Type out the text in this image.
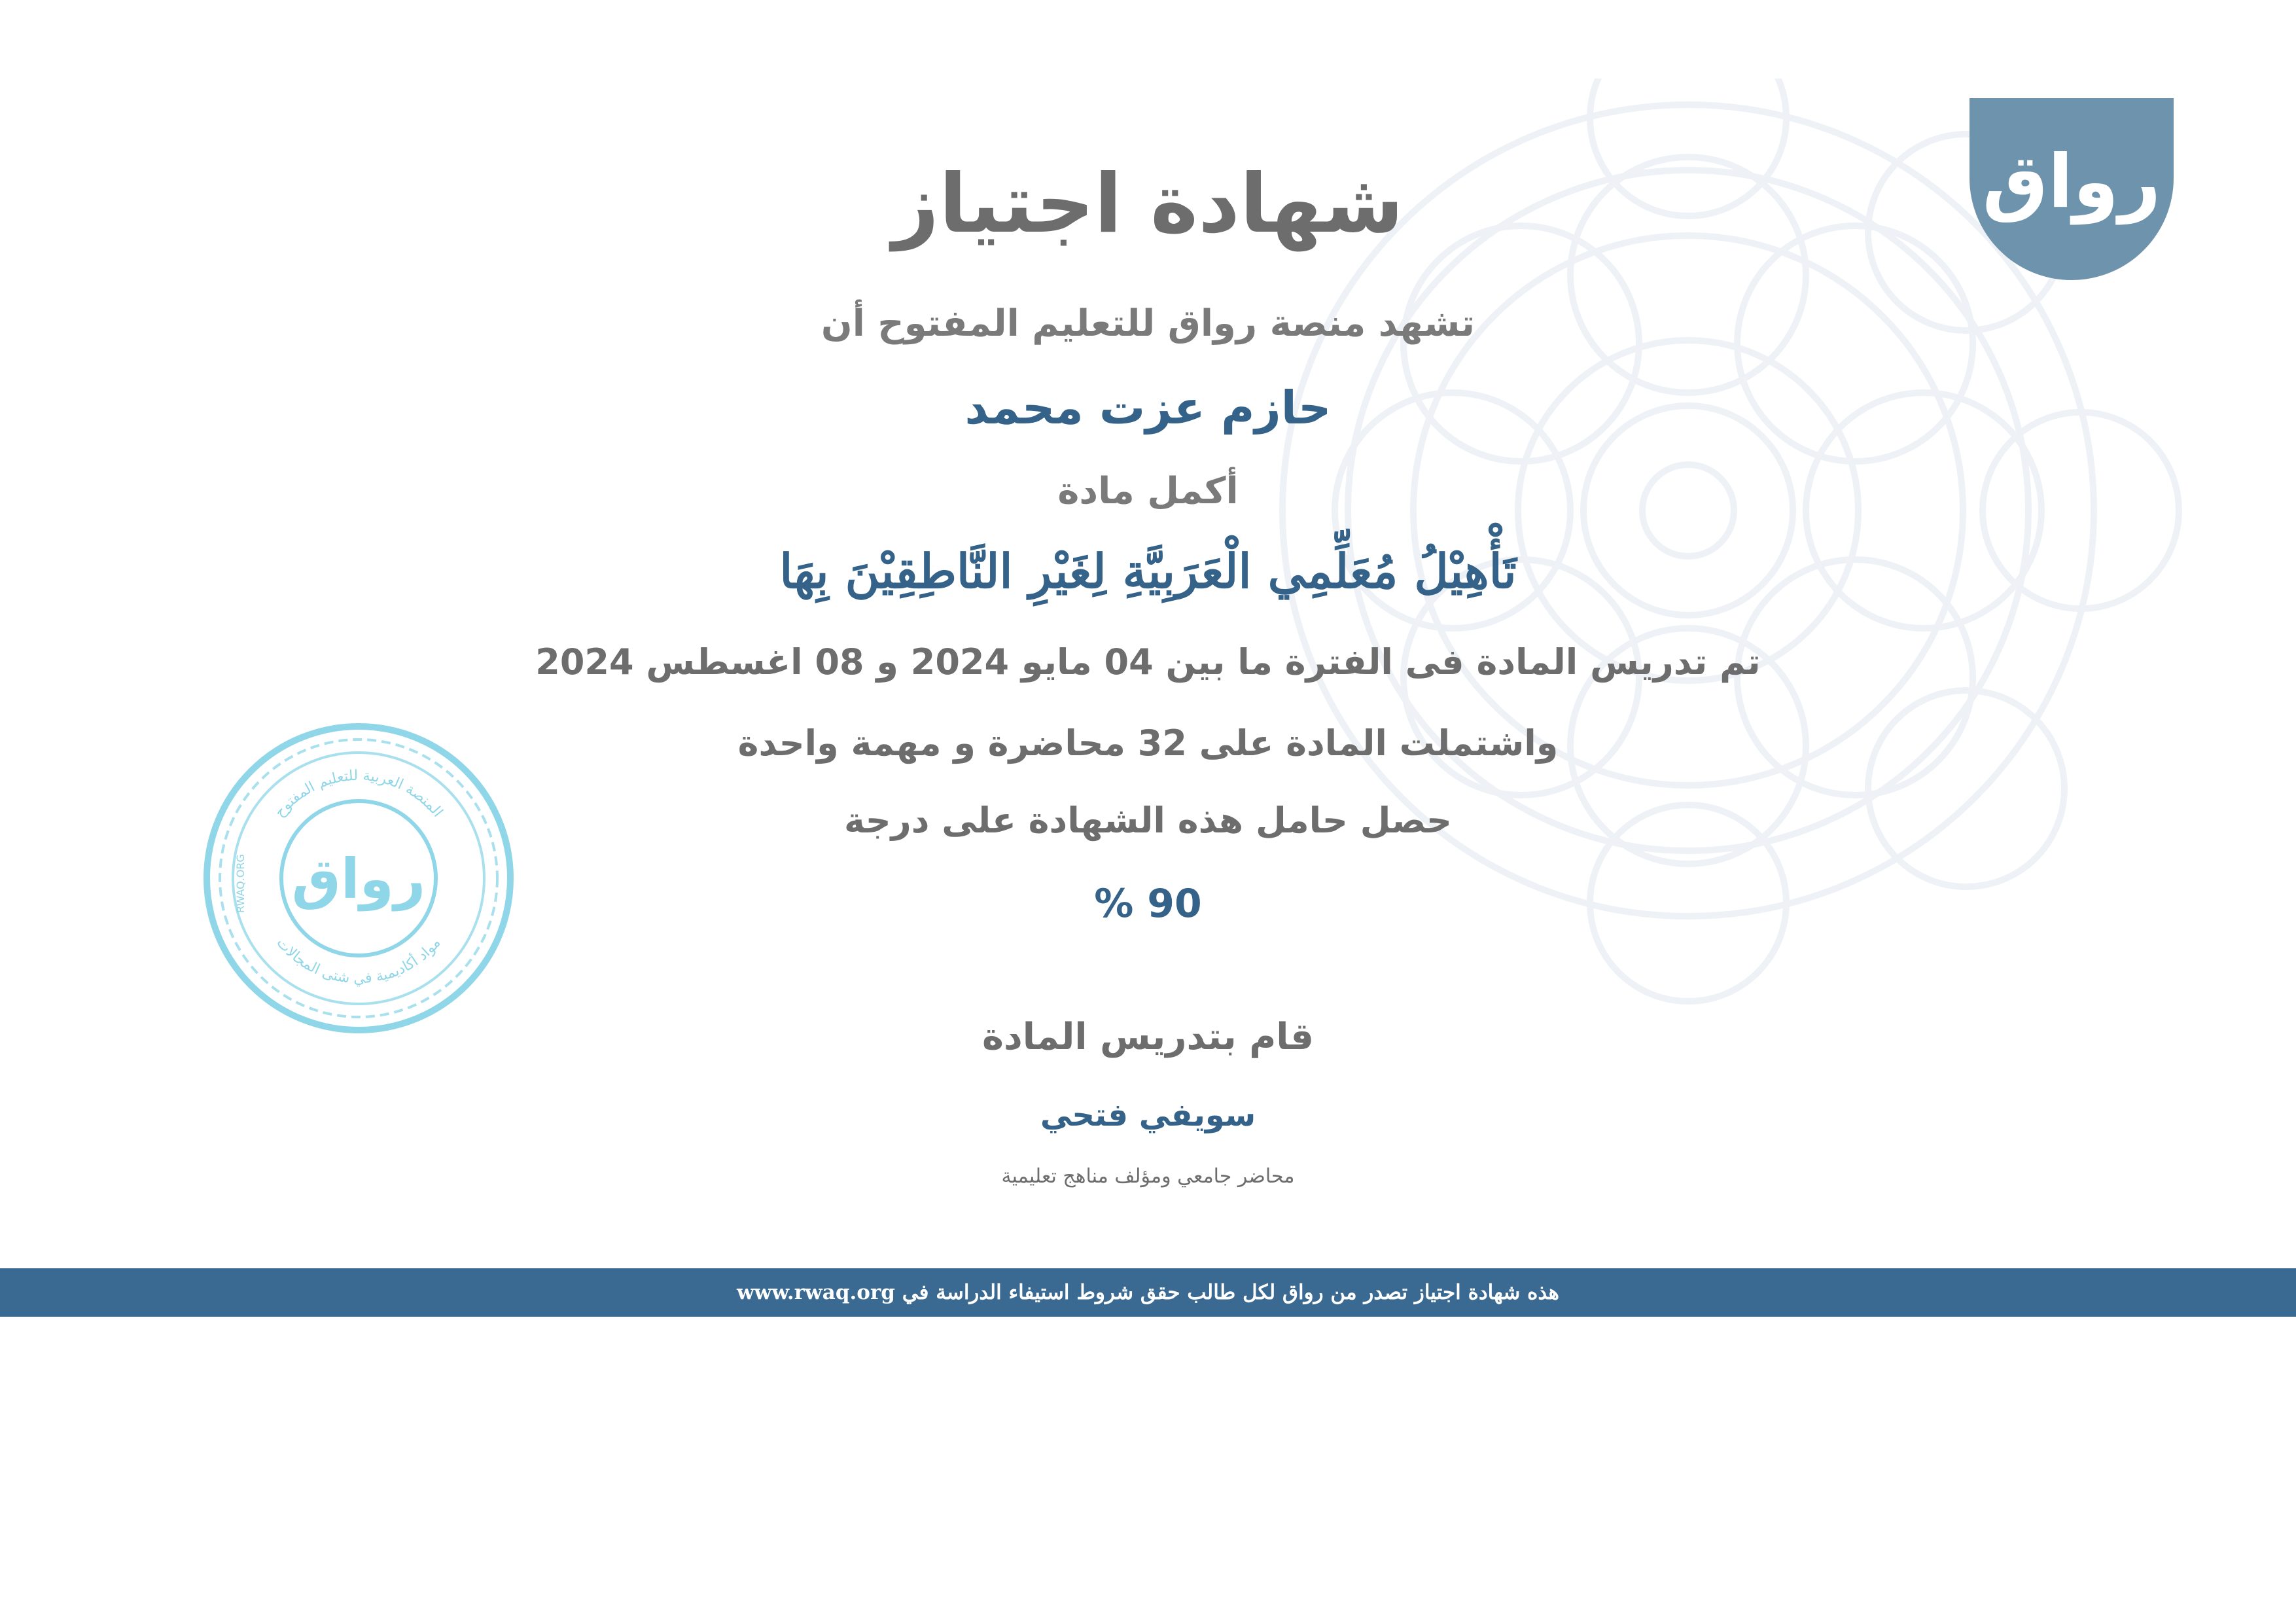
رواق
المنصة العربية للتعليم المفتوح
مواد أكاديمية في شتى المجالات
RWAQ.ORG رواق
شهادة اجتياز
تشهد منصة رواق للتعليم المفتوح أن
حازم عزت محمد
أكمل مادة
تَأْهِيْلُ مُعَلِّمِي الْعَرَبِيَّةِ لِغَيْرِ النَّاطِقِيْنَ بِهَا
تم تدريس المادة فى الفترة ما بين 04 مايو 2024 و 08 اغسطس 2024
واشتملت المادة على 32 محاضرة و مهمة واحدة
حصل حامل هذه الشهادة على درجة
90 %
قام بتدريس المادة
سويفي فتحي
محاضر جامعي ومؤلف مناهج تعليمية
هذه شهادة اجتياز تصدر من رواق لكل طالب حقق شروط استيفاء الدراسة في www.rwaq.org
